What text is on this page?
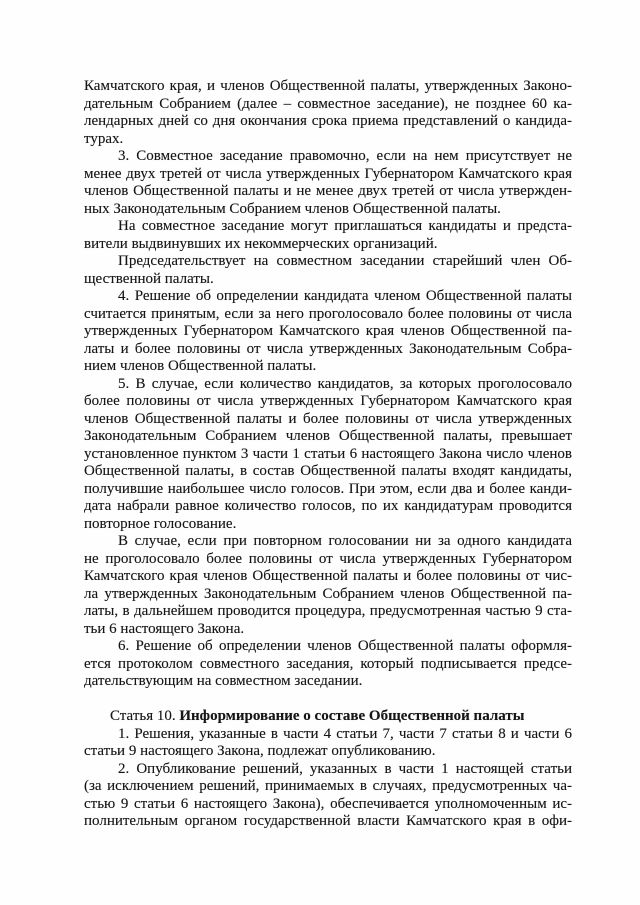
Камчатского края, и членов Общественной палаты, утвержденных Законо-
дательным Собранием (далее – совместное заседание), не позднее 60 ка-
лендарных дней со дня окончания срока приема представлений о кандида-
турах.
3. Совместное заседание правомочно, если на нем присутствует не
менее двух третей от числа утвержденных Губернатором Камчатского края
членов Общественной палаты и не менее двух третей от числа утвержден-
ных Законодательным Собранием членов Общественной палаты.
На совместное заседание могут приглашаться кандидаты и предста-
вители выдвинувших их некоммерческих организаций.
Председательствует на совместном заседании старейший член Об-
щественной палаты.
4. Решение об определении кандидата членом Общественной палаты
считается принятым, если за него проголосовало более половины от числа
утвержденных Губернатором Камчатского края членов Общественной па-
латы и более половины от числа утвержденных Законодательным Собра-
нием членов Общественной палаты.
5. В случае, если количество кандидатов, за которых проголосовало
более половины от числа утвержденных Губернатором Камчатского края
членов Общественной палаты и более половины от числа утвержденных
Законодательным Собранием членов Общественной палаты, превышает
установленное пунктом 3 части 1 статьи 6 настоящего Закона число членов
Общественной палаты, в состав Общественной палаты входят кандидаты,
получившие наибольшее число голосов. При этом, если два и более канди-
дата набрали равное количество голосов, по их кандидатурам проводится
повторное голосование.
В случае, если при повторном голосовании ни за одного кандидата
не проголосовало более половины от числа утвержденных Губернатором
Камчатского края членов Общественной палаты и более половины от чис-
ла утвержденных Законодательным Собранием членов Общественной па-
латы, в дальнейшем проводится процедура, предусмотренная частью 9 ста-
тьи 6 настоящего Закона.
6. Решение об определении членов Общественной палаты оформля-
ется протоколом совместного заседания, который подписывается предсе-
дательствующим на совместном заседании.
Статья 10. Информирование о составе Общественной палаты
1. Решения, указанные в части 4 статьи 7, части 7 статьи 8 и части 6
статьи 9 настоящего Закона, подлежат опубликованию.
2. Опубликование решений, указанных в части 1 настоящей статьи
(за исключением решений, принимаемых в случаях, предусмотренных ча-
стью 9 статьи 6 настоящего Закона), обеспечивается уполномоченным ис-
полнительным органом государственной власти Камчатского края в офи-
